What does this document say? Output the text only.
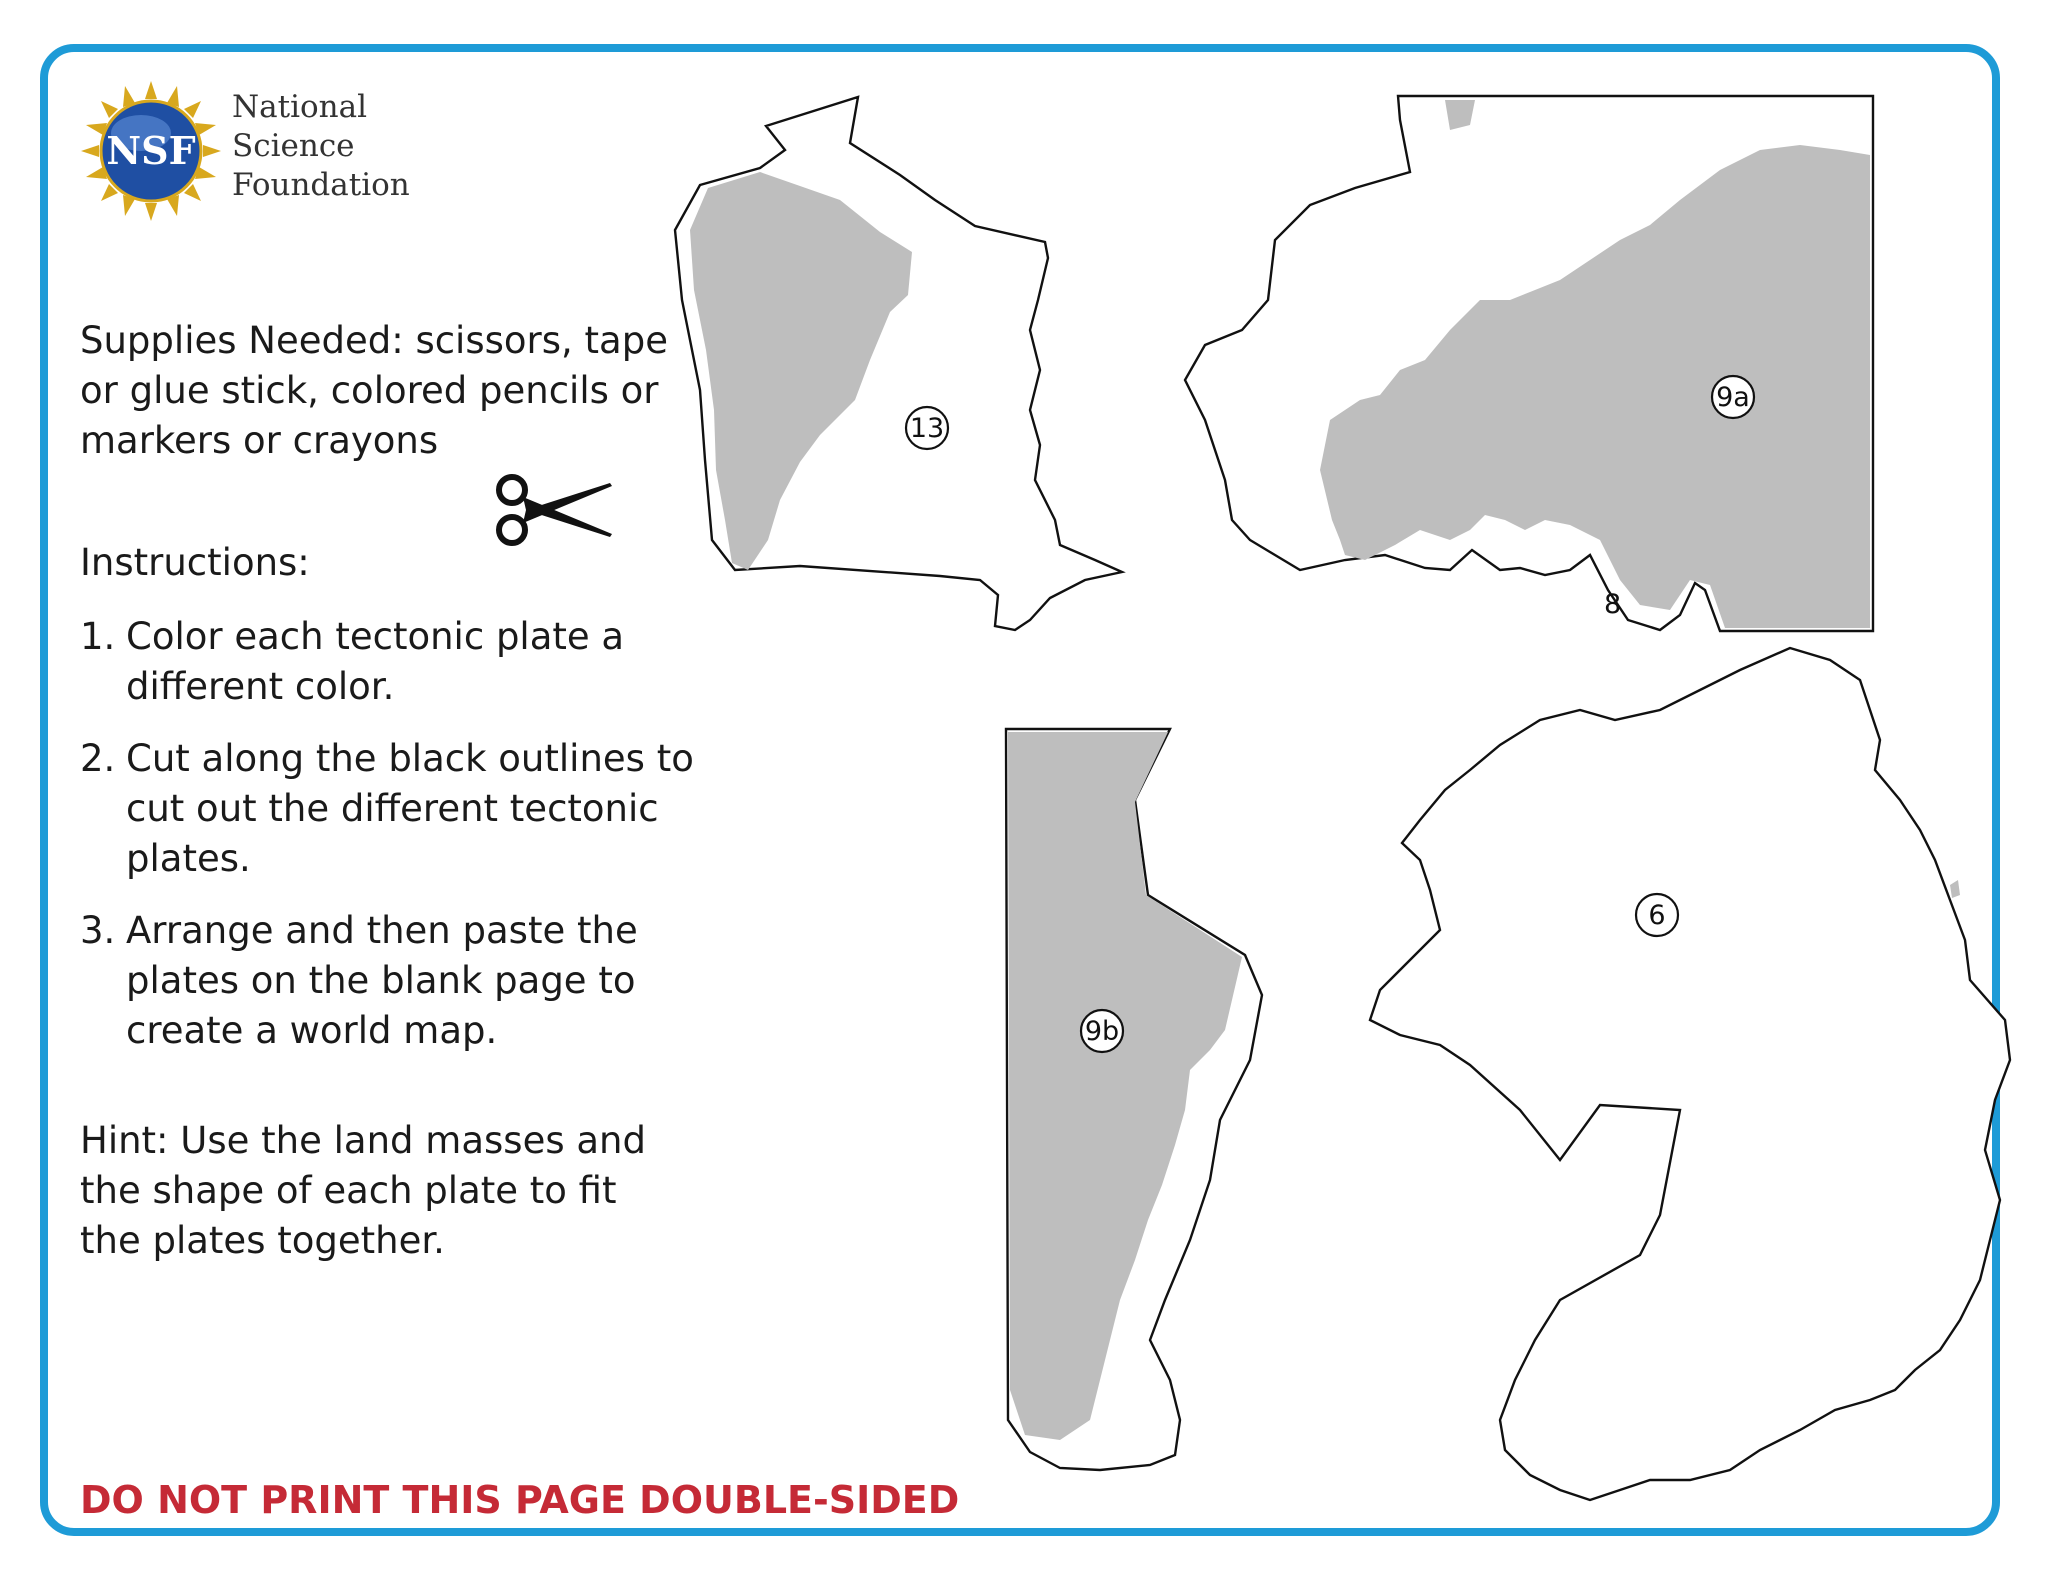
NSF
National
Science
Foundation
Supplies Needed: scissors, tape or glue stick, colored pencils or markers or crayons
Instructions:
1. Color each tectonic plate a different color.
2. Cut along the black outlines to cut out the different tectonic plates.
3. Arrange and then paste the plates on the blank page to create a world map.
Hint: Use the land masses and the shape of each plate to fit the plates together.
DO NOT PRINT THIS PAGE DOUBLE-SIDED
8
13
9a
9b
6
